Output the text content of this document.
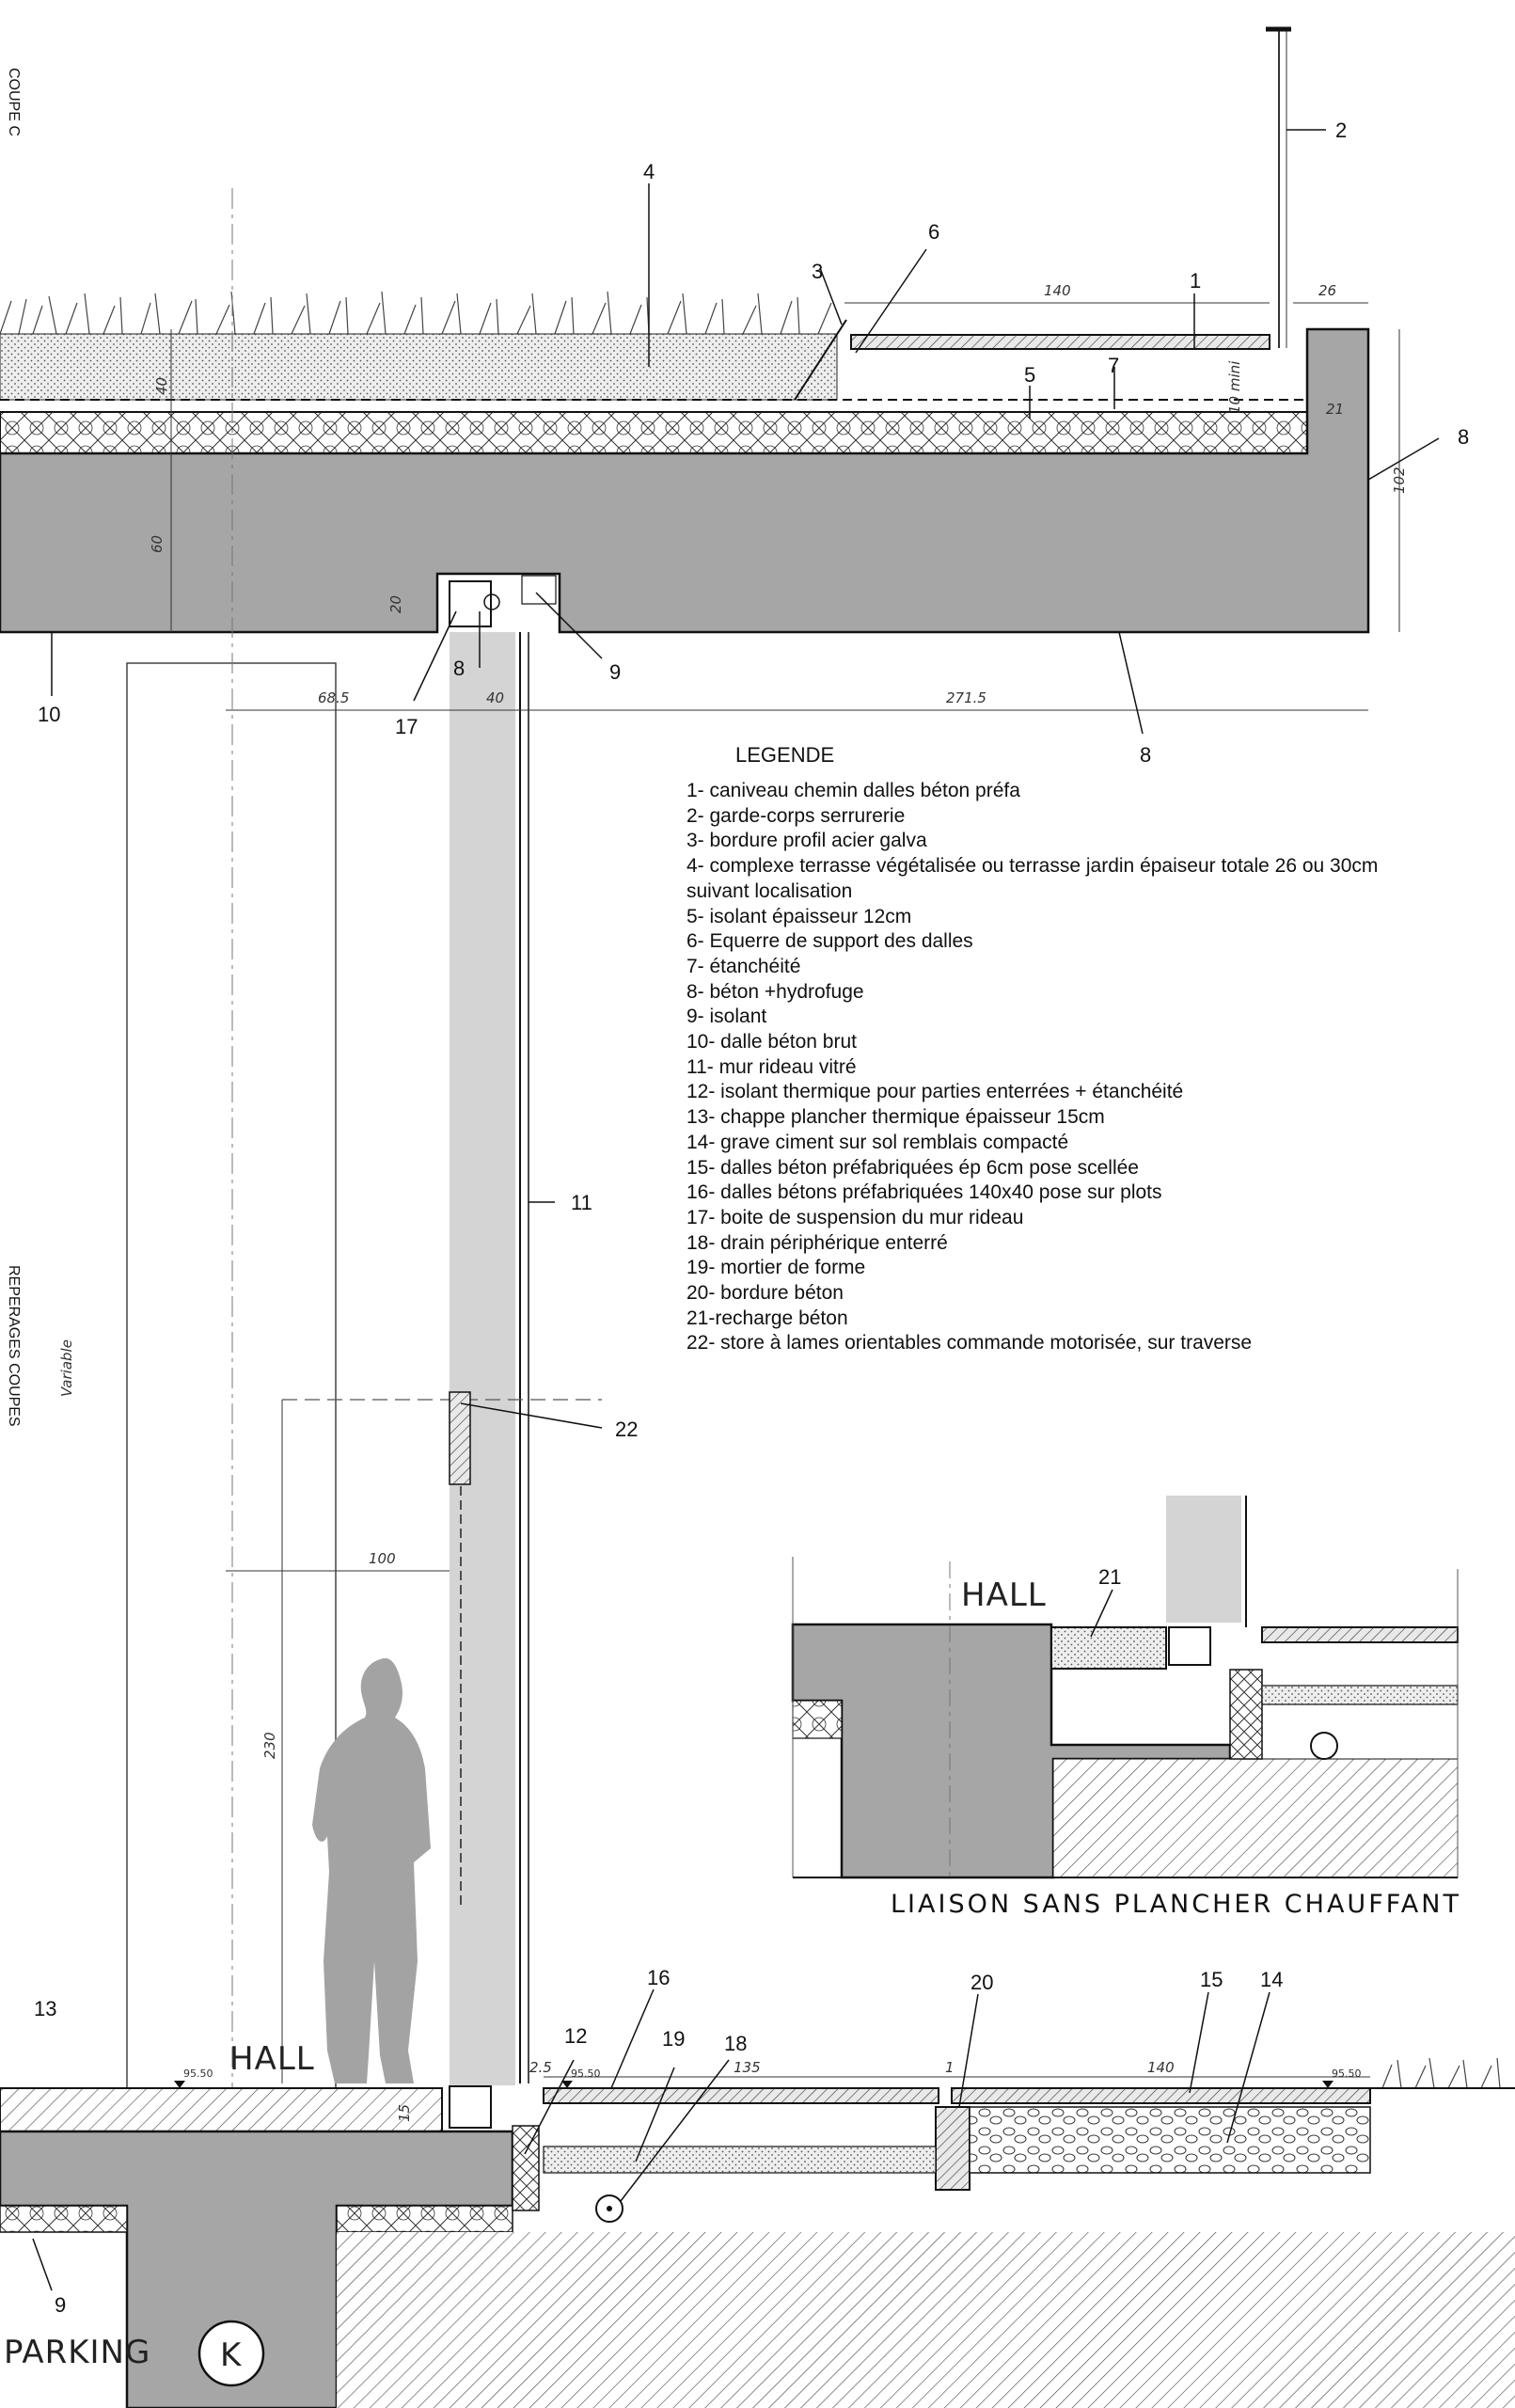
2
1
3
6
4
5	7
8
10
8
9
17
8
11
22
13
12
16
19 18
20	15 14
21
9
140	26
21
102
10 mini
60
40
20
68.5	40	271.5
100
230
Variable
2.5	135	1	140
15
95.50	95.50	95.50
HALL
HALL
PARKING K
LIAISON SANS PLANCHER CHAUFFANT
COUPE C
REPERAGES COUPES
LEGENDE
1- caniveau chemin dalles béton préfa
2- garde-corps serrurerie
3- bordure profil acier galva
4- complexe terrasse végétalisée ou terrasse jardin épaiseur totale 26 ou 30cm suivant localisation
5- isolant épaisseur 12cm
6- Equerre de support des dalles
7- étanchéité
8- béton +hydrofuge
9- isolant
10- dalle béton brut
11- mur rideau vitré
12- isolant thermique pour parties enterrées + étanchéité
13- chappe plancher thermique épaisseur 15cm
14- grave ciment sur sol remblais compacté
15- dalles béton préfabriquées ép 6cm pose scellée
16- dalles bétons préfabriquées 140x40 pose sur plots
17- boite de suspension du mur rideau
18- drain périphérique enterré
19- mortier de forme
20- bordure béton
21-recharge béton
22- store à lames orientables commande motorisée, sur traverse
